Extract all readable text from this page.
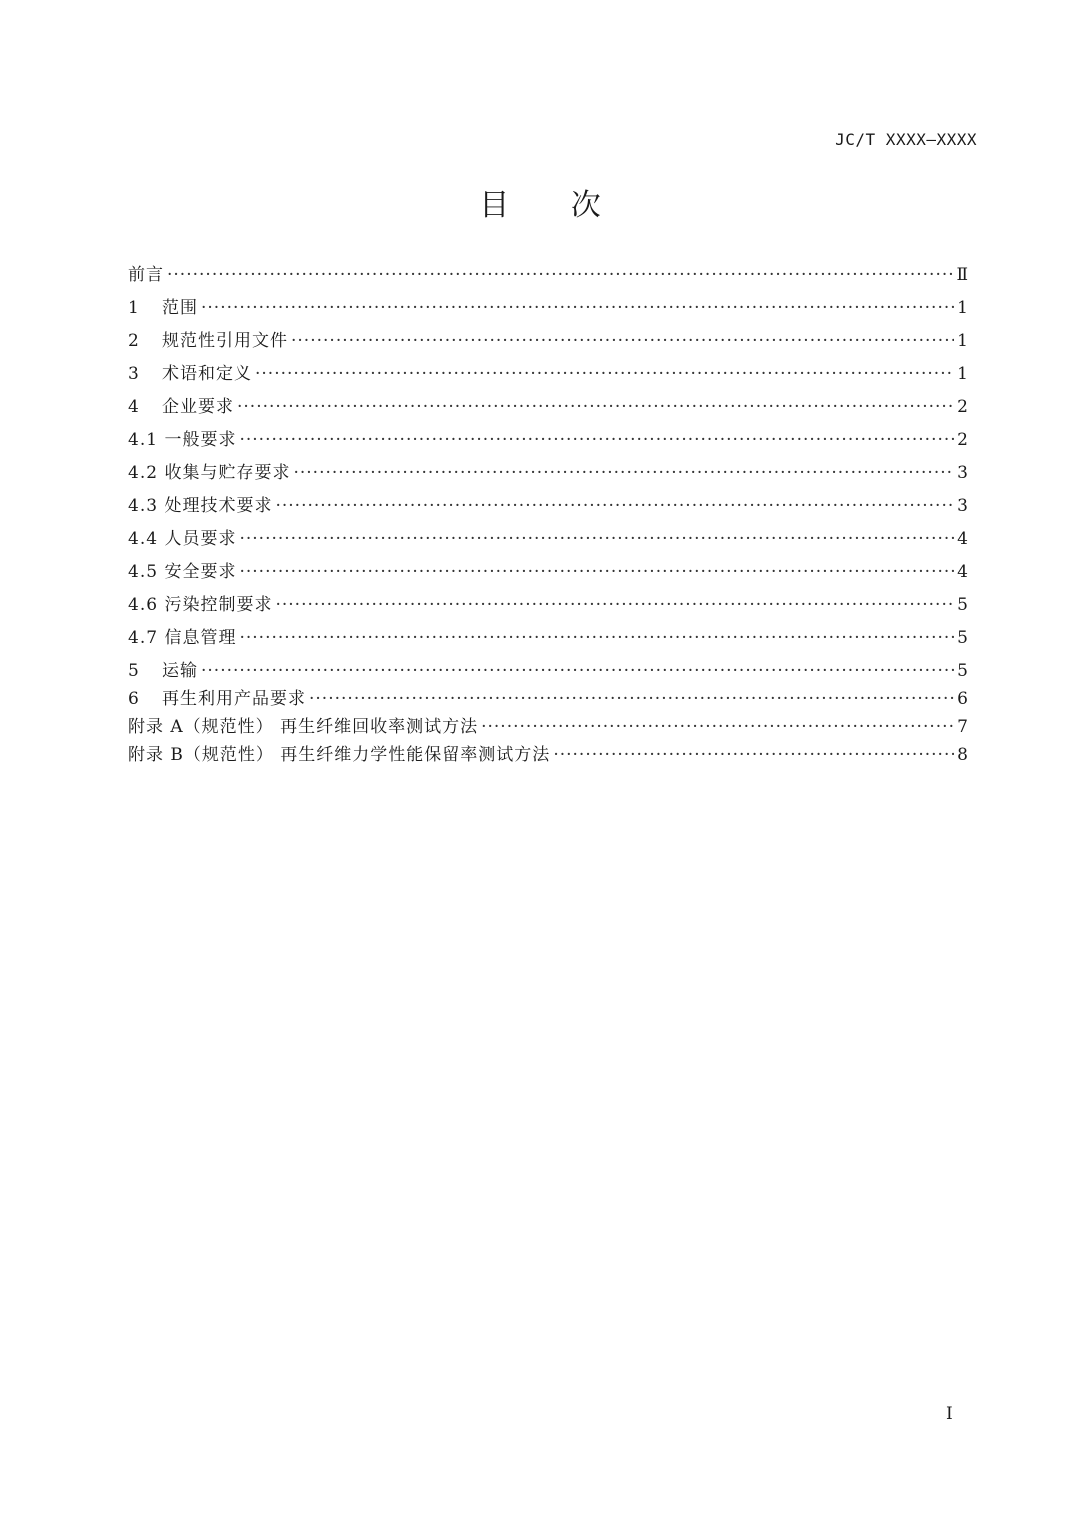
JC/T XXXX—XXXX
目 次
前言 ·····	Ⅱ
1	范围 ·····	1
2	规范性引用文件 ·····	1
3	术语和定义 ·····	1
4	企业要求 ·····	2
4.1 一般要求 ·····	2
4.2 收集与贮存要求 ·····	3
4.3 处理技术要求 ·····	3
4.4 人员要求 ·····	4
4.5 安全要求 ·····	4
4.6 污染控制要求 ·····	5
4.7 信息管理 ·····	5
5	运输 ·····	5
6	再生利用产品要求 ·····	6
附录 A（规范性） 再生纤维回收率测试方法 ·····	7
附录 B（规范性） 再生纤维力学性能保留率测试方法 ·····	8
I
